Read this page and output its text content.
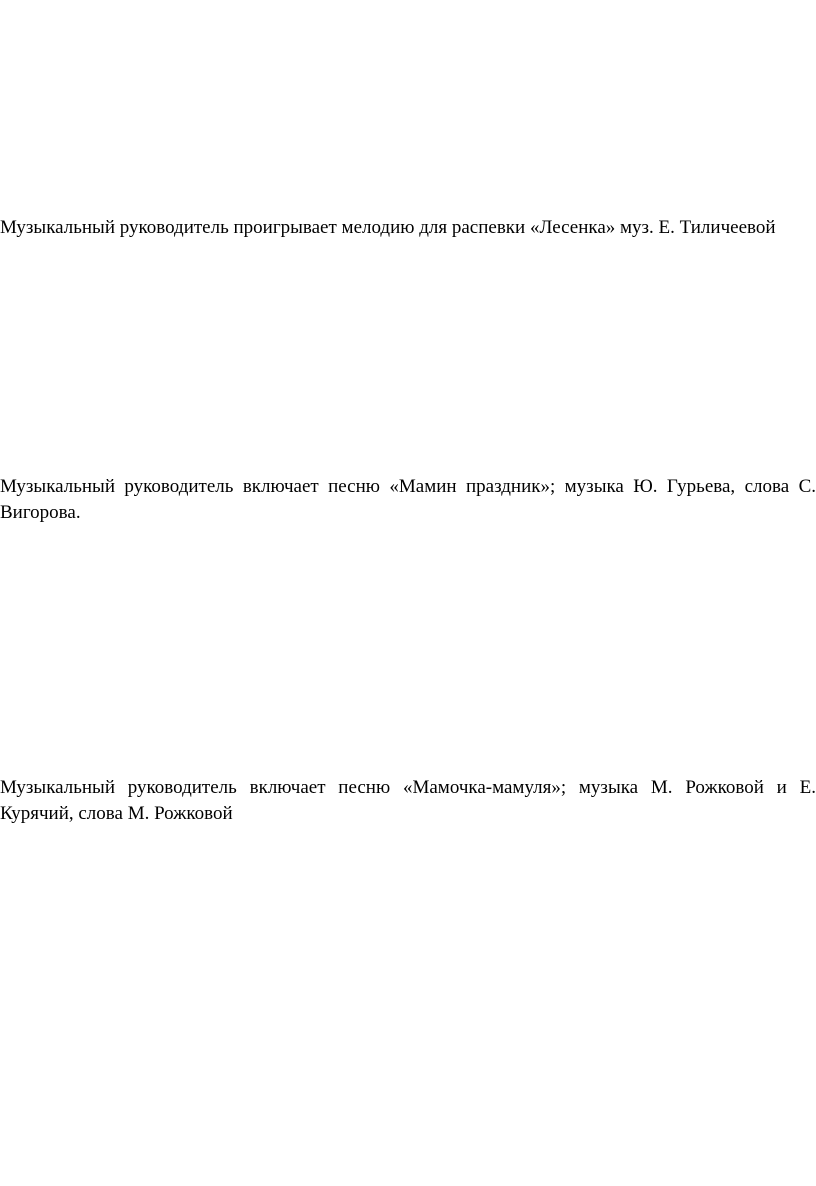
Музыкальный руководитель проигрывает мелодию для распевки «Лесенка» муз. Е. Тиличеевой

Музыкальный руководитель включает песню «Мамин праздник»; музыка Ю. Гурьева, слова С. Вигорова.

Музыкальный руководитель включает песню «Мамочка-мамуля»; музыка М. Рожковой и Е. Курячий, слова М. Рожковой
